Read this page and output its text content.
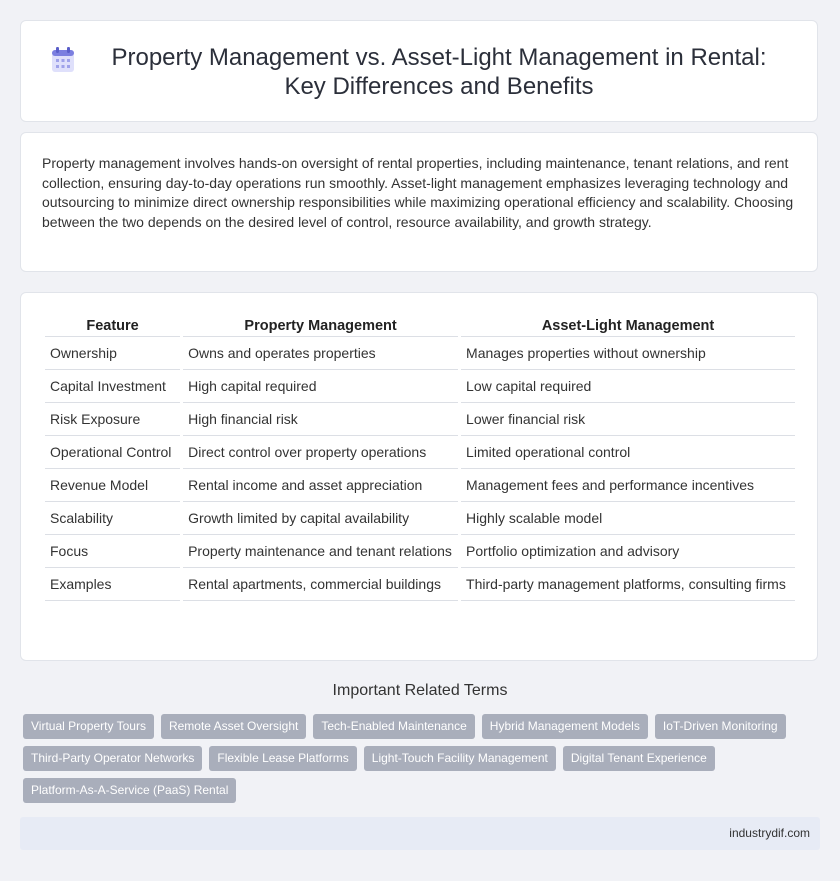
Property Management vs. Asset-Light Management in Rental: Key Differences and Benefits
Property management involves hands-on oversight of rental properties, including maintenance, tenant relations, and rent collection, ensuring day-to-day operations run smoothly. Asset-light management emphasizes leveraging technology and outsourcing to minimize direct ownership responsibilities while maximizing operational efficiency and scalability. Choosing between the two depends on the desired level of control, resource availability, and growth strategy.
Feature	Property Management	Asset-Light Management
Ownership	Owns and operates properties	Manages properties without ownership
Capital Investment	High capital required	Low capital required
Risk Exposure	High financial risk	Lower financial risk
Operational Control	Direct control over property operations	Limited operational control
Revenue Model	Rental income and asset appreciation	Management fees and performance incentives
Scalability	Growth limited by capital availability	Highly scalable model
Focus	Property maintenance and tenant relations	Portfolio optimization and advisory
Examples	Rental apartments, commercial buildings	Third-party management platforms, consulting firms
Important Related Terms
Virtual Property Tours	Remote Asset Oversight	Tech-Enabled Maintenance	Hybrid Management Models	IoT-Driven Monitoring
Third-Party Operator Networks	Flexible Lease Platforms	Light-Touch Facility Management	Digital Tenant Experience
Platform-As-A-Service (PaaS) Rental
industrydif.com
